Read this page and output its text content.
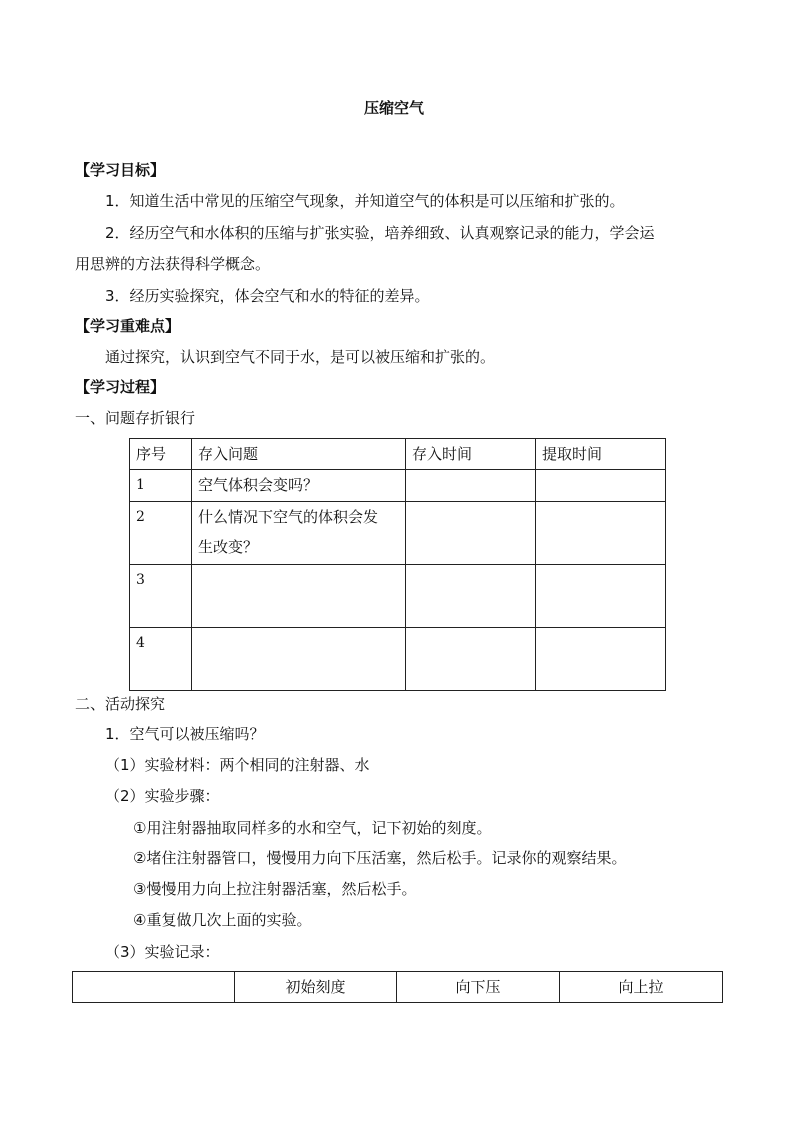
压缩空气
【学习目标】
1．知道生活中常见的压缩空气现象，并知道空气的体积是可以压缩和扩张的。
2．经历空气和水体积的压缩与扩张实验，培养细致、认真观察记录的能力，学会运
用思辨的方法获得科学概念。
3．经历实验探究，体会空气和水的特征的差异。
【学习重难点】
通过探究，认识到空气不同于水，是可以被压缩和扩张的。
【学习过程】
一、问题存折银行
序号	存入问题	存入时间	提取时间
1	空气体积会变吗？		
2	什么情况下空气的体积会发
生改变？		

3			
4			
二、活动探究
1．空气可以被压缩吗？
（1）实验材料：两个相同的注射器、水
（2）实验步骤：
①用注射器抽取同样多的水和空气，记下初始的刻度。
②堵住注射器管口，慢慢用力向下压活塞，然后松手。记录你的观察结果。
③慢慢用力向上拉注射器活塞，然后松手。
④重复做几次上面的实验。
（3）实验记录：
	初始刻度	向下压	向上拉
